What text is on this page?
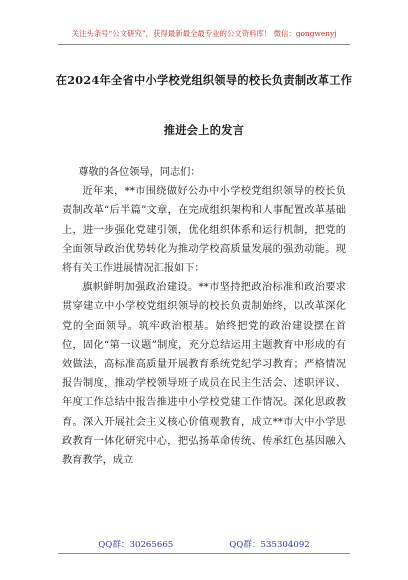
关注头条号“公文研究”，获得最新最全最专业的公文资料库！ 微信：gongwenyj
在2024年全省中小学校党组织领导的校长负责制改革工作
推进会上的发言

尊敬的各位领导，同志们：

近年来，**市围绕做好公办中小学校党组织领导的校长负责制改革“后半篇”文章，在完成组织架构和人事配置改革基础上，进一步强化党建引领，优化组织体系和运行机制，把党的全面领导政治优势转化为推动学校高质量发展的强劲动能。现将有关工作进展情况汇报如下：

旗帜鲜明加强政治建设。**市坚持把政治标准和政治要求贯穿建立中小学校党组织领导的校长负责制始终，以改革深化党的全面领导。筑牢政治根基。始终把党的政治建设摆在首位，固化“第一议题”制度，充分总结运用主题教育中形成的有效做法，高标准高质量开展教育系统党纪学习教育；严格情况报告制度，推动学校领导班子成员在民主生活会、述职评议、年度工作总结中报告推进中小学校党建工作情况。深化思政教育。深入开展社会主义核心价值观教育，成立**市大中小学思政教育一体化研究中心，把弘扬革命传统、传承红色基因融入教育教学，成立

QQ群：30265665	QQ群：535304092
